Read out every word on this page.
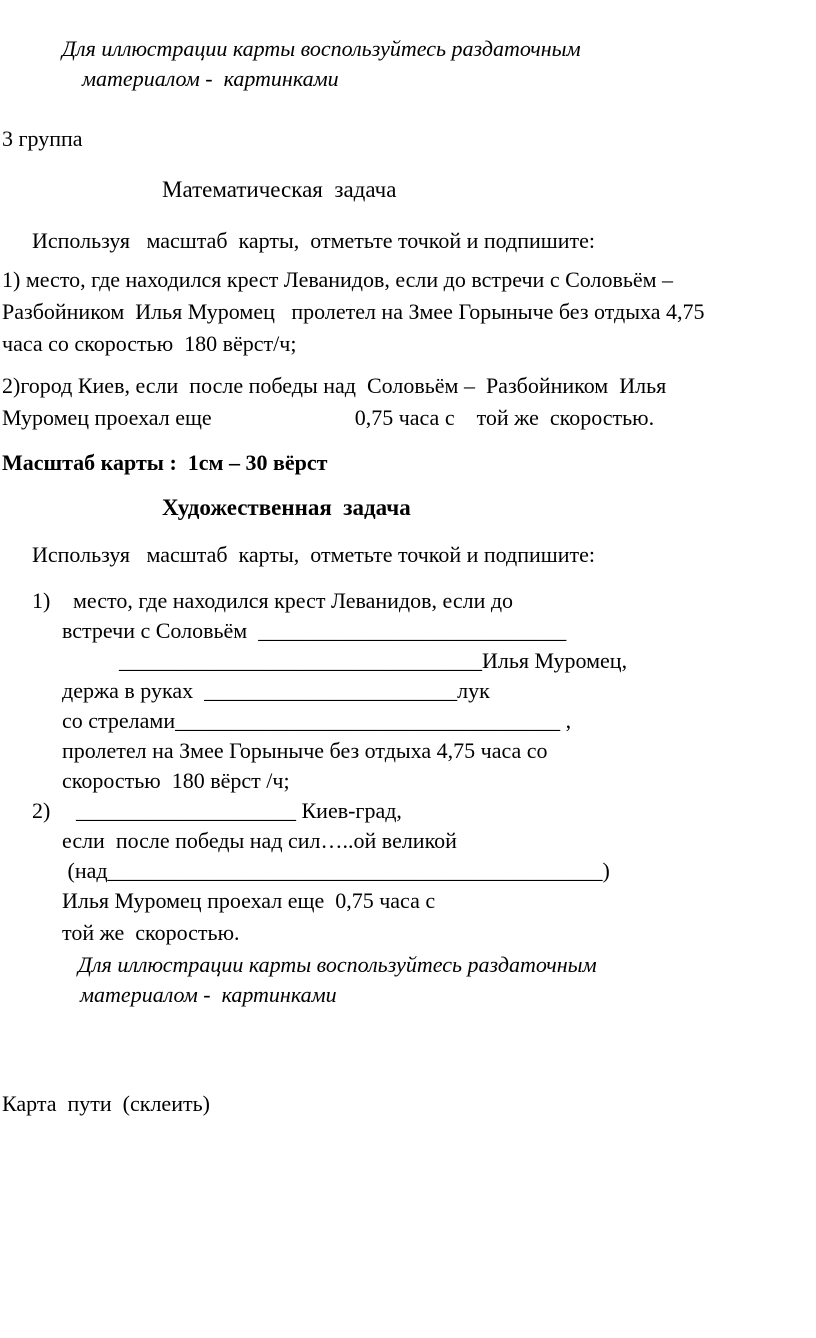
Для иллюстрации карты воспользуйтесь раздаточным
материалом -  картинками
3 группа
Математическая  задача
Используя   масштаб  карты,  отметьте точкой и подпишите:
1) место, где находился крест Леванидов, если до встречи с Соловьём –
Разбойником  Илья Муромец   пролетел на Змее Горыныче без отдыха 4,75
часа со скоростью  180 вёрст/ч;
2)город Киев, если  после победы над  Соловьём –  Разбойником  Илья
Муромец проехал еще                          0,75 часа с    той же  скоростью.
Масштаб карты :  1см – 30 вёрст
Художественная  задача
Используя   масштаб  карты,  отметьте точкой и подпишите:
1) место, где находился крест Леванидов, если до
встречи с Соловьём  ____________________________
_________________________________Илья Муромец,
держа в руках  _______________________лук
со стрелами___________________________________ ,
пролетел на Змее Горыныче без отдыха 4,75 часа со
скоростью  180 вёрст /ч;
2) ____________________ Киев-град,
если  после победы над сил…..ой великой
(над_____________________________________________)
Илья Муромец проехал еще  0,75 часа с
той же  скоростью.
Для иллюстрации карты воспользуйтесь раздаточным
материалом -  картинками
Карта  пути  (склеить)
